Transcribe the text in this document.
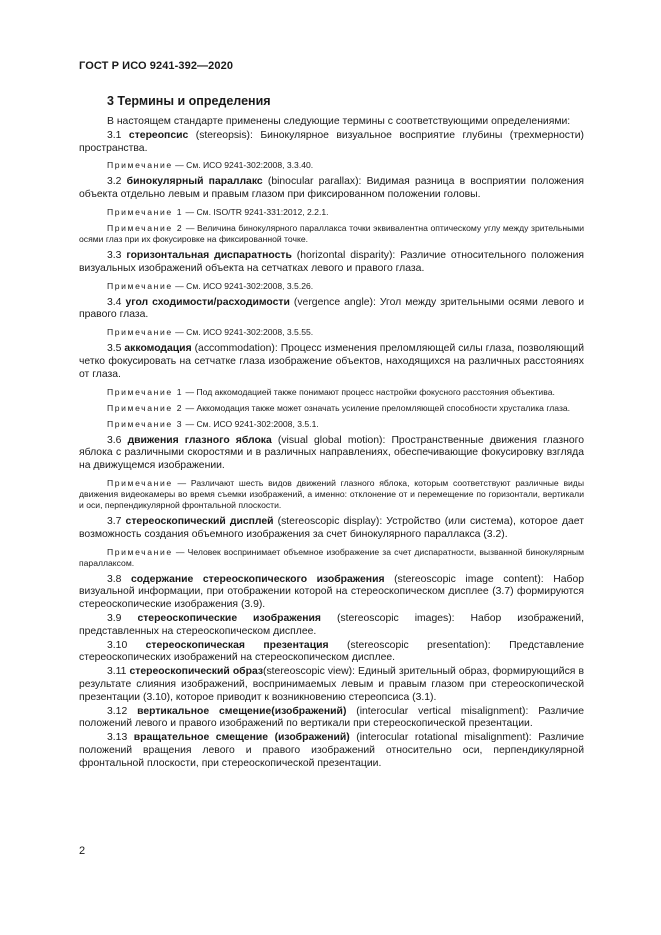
ГОСТ Р ИСО 9241-392—2020
3 Термины и определения

В настоящем стандарте применены следующие термины с соответствующими определениями:

3.1 стереопсис (stereopsis): Бинокулярное визуальное восприятие глубины (трехмерности) пространства.

Примечание — См. ИСО 9241-302:2008, 3.3.40.

3.2 бинокулярный параллакс (binocular parallax): Видимая разница в восприятии положения объекта отдельно левым и правым глазом при фиксированном положении головы.

Примечание 1 — См. ISO/TR 9241-331:2012, 2.2.1.

Примечание 2 — Величина бинокулярного параллакса точки эквивалентна оптическому углу между зрительными осями глаз при их фокусировке на фиксированной точке.

3.3 горизонтальная диспаратность (horizontal disparity): Различие относительного положения визуальных изображений объекта на сетчатках левого и правого глаза.

Примечание — См. ИСО 9241-302:2008, 3.5.26.

3.4 угол сходимости/расходимости (vergence angle): Угол между зрительными осями левого и правого глаза.

Примечание — См. ИСО 9241-302:2008, 3.5.55.

3.5 аккомодация (accommodation): Процесс изменения преломляющей силы глаза, позволяющий четко фокусировать на сетчатке глаза изображение объектов, находящихся на различных расстояниях от глаза.

Примечание 1 — Под аккомодацией также понимают процесс настройки фокусного расстояния объектива.

Примечание 2 — Аккомодация также может означать усиление преломляющей способности хрусталика глаза.

Примечание 3 — См. ИСО 9241-302:2008, 3.5.1.

3.6 движения глазного яблока (visual global motion): Пространственные движения глазного яблока с различными скоростями и в различных направлениях, обеспечивающие фокусировку взгляда на движущемся изображении.

Примечание — Различают шесть видов движений глазного яблока, которым соответствуют различные виды движения видеокамеры во время съемки изображений, а именно: отклонение от и перемещение по горизонтали, вертикали и оси, перпендикулярной фронтальной плоскости.

3.7 стереоскопический дисплей (stereoscopic display): Устройство (или система), которое дает возможность создания объемного изображения за счет бинокулярного параллакса (3.2).

Примечание — Человек воспринимает объемное изображение за счет диспаратности, вызванной бинокулярным параллаксом.

3.8 содержание стереоскопического изображения (stereoscopic image content): Набор визуальной информации, при отображении которой на стереоскопическом дисплее (3.7) формируются стереоскопические изображения (3.9).

3.9 стереоскопические изображения (stereoscopic images): Набор изображений, представленных на стереоскопическом дисплее.

3.10 стереоскопическая презентация (stereoscopic presentation): Представление стереоскопических изображений на стереоскопическом дисплее.

3.11 стереоскопический образ(stereoscopic view): Единый зрительный образ, формирующийся в результате слияния изображений, воспринимаемых левым и правым глазом при стереоскопической презентации (3.10), которое приводит к возникновению стереопсиса (3.1).

3.12 вертикальное смещение(изображений) (interocular vertical misalignment): Различие положений левого и правого изображений по вертикали при стереоскопической презентации.

3.13 вращательное смещение (изображений) (interocular rotational misalignment): Различие положений вращения левого и правого изображений относительно оси, перпендикулярной фронтальной плоскости, при стереоскопической презентации.

2
